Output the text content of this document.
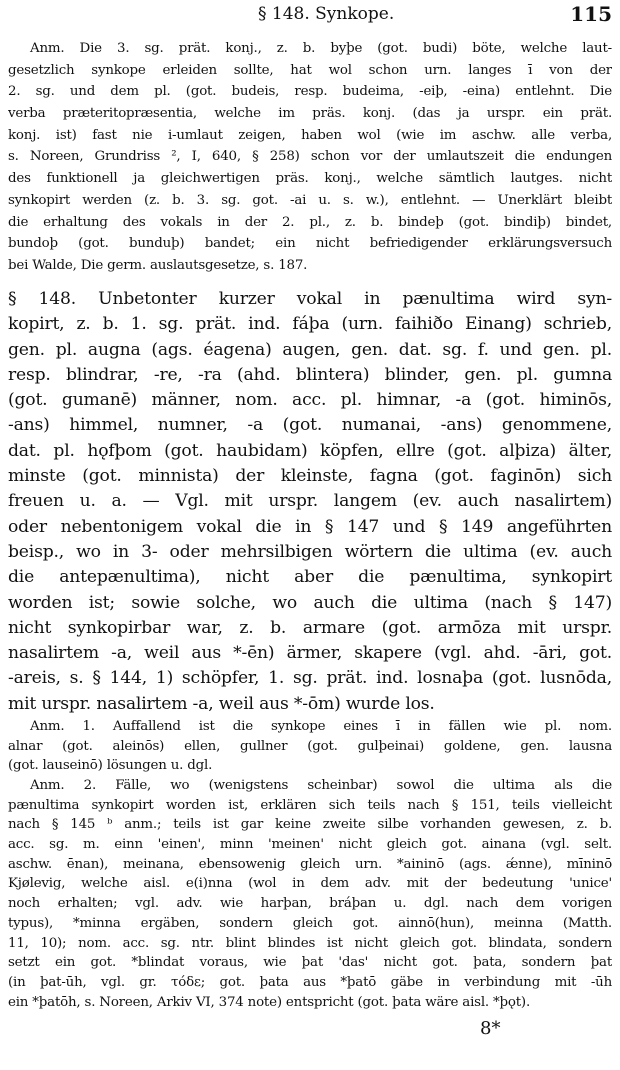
§ 148. Synkope.	115
Anm. Die 3. sg. prät. konj., z. b. byþe (got. budi) böte, welche laut-
gesetzlich synkope erleiden sollte, hat wol schon urn. langes ī von der
2. sg. und dem pl. (got. budeis, resp. budeima, -eiþ, -eina) entlehnt. Die
verba præteritopræsentia, welche im präs. konj. (das ja urspr. ein prät.
konj. ist) fast nie i-umlaut zeigen, haben wol (wie im aschw. alle verba,
s. Noreen, Grundriss ², I, 640, § 258) schon vor der umlautszeit die endungen
des funktionell ja gleichwertigen präs. konj., welche sämtlich lautges. nicht
synkopirt werden (z. b. 3. sg. got. -ai u. s. w.), entlehnt. — Unerklärt bleibt
die erhaltung des vokals in der 2. pl., z. b. bindeþ (got. bindiþ) bindet,
bundoþ (got. bunduþ) bandet; ein nicht befriedigender erklärungsversuch
bei Walde, Die germ. auslautsgesetze, s. 187.
§ 148. Unbetonter kurzer vokal in pænultima wird syn-
kopirt, z. b. 1. sg. prät. ind. fáþa (urn. faihiðo Einang) schrieb,
gen. pl. augna (ags. éagena) augen, gen. dat. sg. f. und gen. pl.
resp. blindrar, -re, -ra (ahd. blintera) blinder, gen. pl. gumna
(got. gumanē) männer, nom. acc. pl. himnar, -a (got. himinōs,
-ans) himmel, numner, -a (got. numanai, -ans) genommene,
dat. pl. hǫfþom (got. haubidam) köpfen, ellre (got. alþiza) älter,
minste (got. minnista) der kleinste, fagna (got. faginōn) sich
freuen u. a. — Vgl. mit urspr. langem (ev. auch nasalirtem)
oder nebentonigem vokal die in § 147 und § 149 angeführten
beisp., wo in 3- oder mehrsilbigen wörtern die ultima (ev. auch
die antepænultima), nicht aber die pænultima, synkopirt
worden ist; sowie solche, wo auch die ultima (nach § 147)
nicht synkopirbar war, z. b. armare (got. armōza mit urspr.
nasalirtem -a, weil aus *-ēn) ärmer, skapere (vgl. ahd. -āri, got.
-areis, s. § 144, 1) schöpfer, 1. sg. prät. ind. losnaþa (got. lusnōda,
mit urspr. nasalirtem -a, weil aus *-ōm) wurde los.
Anm. 1. Auffallend ist die synkope eines ī in fällen wie pl. nom.
alnar (got. aleinōs) ellen, gullner (got. gulþeinai) goldene, gen. lausna
(got. lauseinō) lösungen u. dgl.
Anm. 2. Fälle, wo (wenigstens scheinbar) sowol die ultima als die
pænultima synkopirt worden ist, erklären sich teils nach § 151, teils vielleicht
nach § 145 ᵇ anm.; teils ist gar keine zweite silbe vorhanden gewesen, z. b.
acc. sg. m. einn 'einen', minn 'meinen' nicht gleich got. ainana (vgl. selt.
aschw. ēnan), meinana, ebensowenig gleich urn. *aininō (ags. ǽnne), mīninō
Kjølevig, welche aisl. e(i)nna (wol in dem adv. mit der bedeutung 'unice'
noch erhalten; vgl. adv. wie harþan, bráþan u. dgl. nach dem vorigen
typus), *minna ergäben, sondern gleich got. ainnō(hun), meinna (Matth.
11, 10); nom. acc. sg. ntr. blint blindes ist nicht gleich got. blindata, sondern
setzt ein got. *blindat voraus, wie þat 'das' nicht got. þata, sondern þat
(in þat-ūh, vgl. gr. τόδε; got. þata aus *þatō gäbe in verbindung mit -ūh
ein *þatōh, s. Noreen, Arkiv VI, 374 note) entspricht (got. þata wäre aisl. *þǫt).
8*
